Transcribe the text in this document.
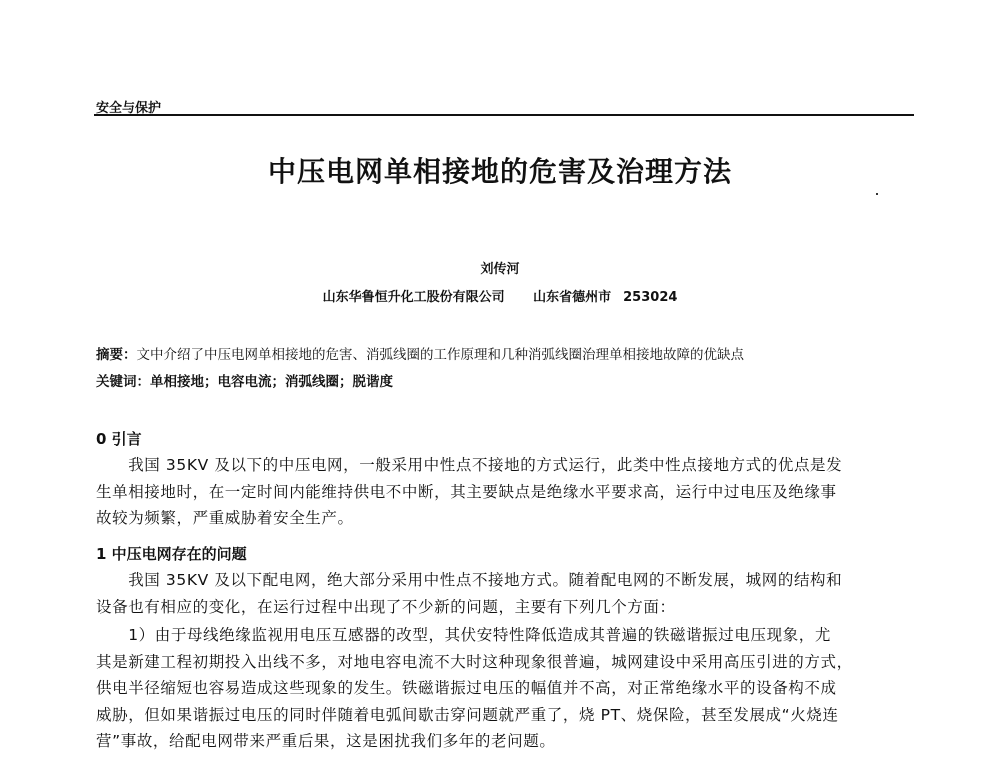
安全与保护
中压电网单相接地的危害及治理方法
刘传河
山东华鲁恒升化工股份有限公司 山东省德州市 253024
摘要：文中介绍了中压电网单相接地的危害、消弧线圈的工作原理和几种消弧线圈治理单相接地故障的优缺点
关键词：单相接地；电容电流；消弧线圈；脱谐度
0 引言
　　我国 35KV 及以下的中压电网，一般采用中性点不接地的方式运行，此类中性点接地方式的优点是发
生单相接地时，在一定时间内能维持供电不中断，其主要缺点是绝缘水平要求高，运行中过电压及绝缘事
故较为频繁，严重威胁着安全生产。
1 中压电网存在的问题
　　我国 35KV 及以下配电网，绝大部分采用中性点不接地方式。随着配电网的不断发展，城网的结构和
设备也有相应的变化，在运行过程中出现了不少新的问题，主要有下列几个方面：
　　1）由于母线绝缘监视用电压互感器的改型，其伏安特性降低造成其普遍的铁磁谐振过电压现象，尤
其是新建工程初期投入出线不多，对地电容电流不大时这种现象很普遍，城网建设中采用高压引进的方式，
供电半径缩短也容易造成这些现象的发生。铁磁谐振过电压的幅值并不高，对正常绝缘水平的设备构不成
威胁，但如果谐振过电压的同时伴随着电弧间歇击穿问题就严重了，烧 PT、烧保险，甚至发展成“火烧连
营”事故，给配电网带来严重后果，这是困扰我们多年的老问题。
